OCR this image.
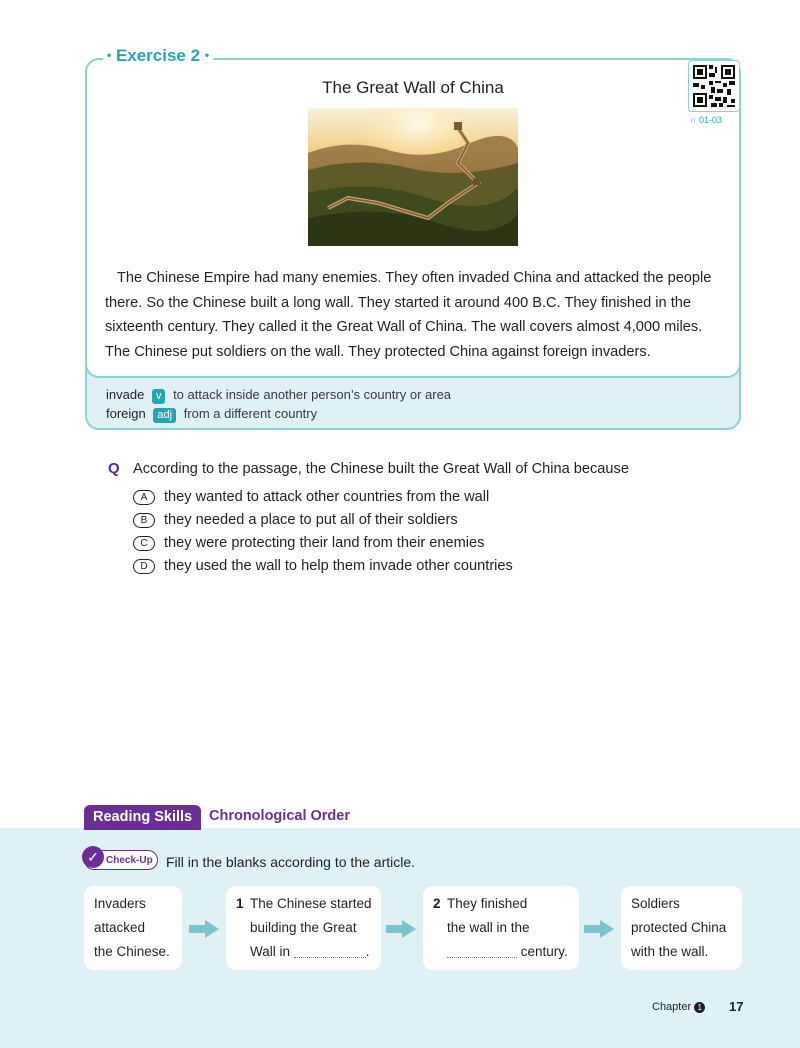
• Exercise 2 •
The Great Wall of China
∩ 01-03
The Chinese Empire had many enemies. They often invaded China and attacked the people there. So the Chinese built a long wall. They started it around 400 B.C. They finished in the sixteenth century. They called it the Great Wall of China. The wall covers almost 4,000 miles. The Chinese put soldiers on the wall. They protected China against foreign invaders.
invade v to attack inside another person’s country or area
foreign adj from a different country
Q According to the passage, the Chinese built the Great Wall of China because
A they wanted to attack other countries from the wall
B they needed a place to put all of their soldiers
C they were protecting their land from their enemies
D they used the wall to help them invade other countries
Reading Skills	Chronological Order
✓ Check-Up Fill in the blanks according to the article.
Invaders
attacked
the Chinese.
1 The Chinese started
building the Great
Wall in	.
2 They finished
the wall in the
century.
Soldiers
protected China
with the wall.
Chapter 1 17
